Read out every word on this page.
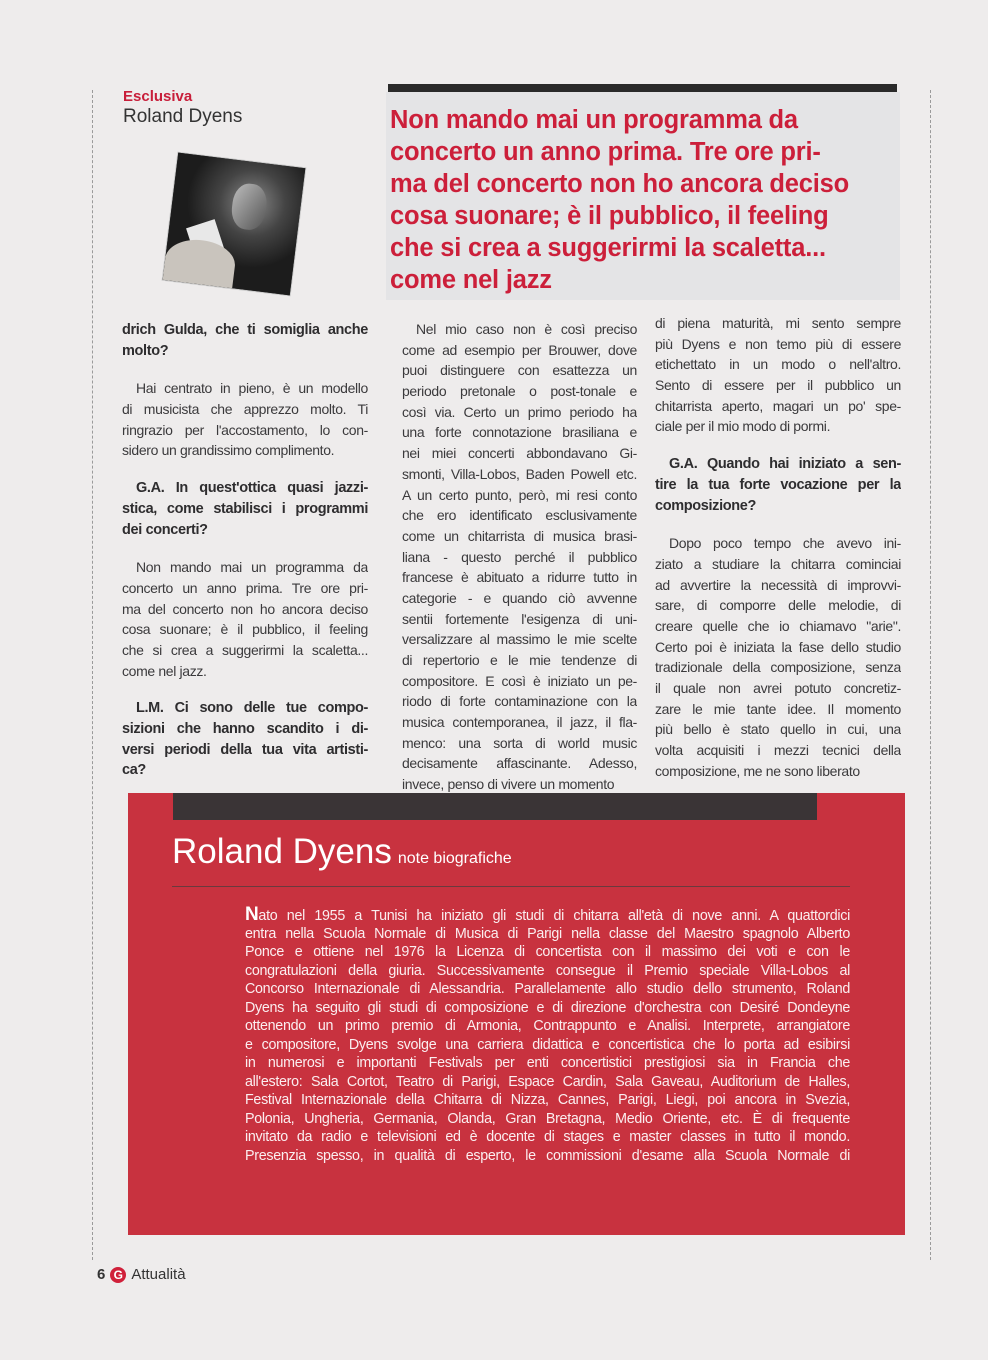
Esclusiva
Roland Dyens	Non mando mai un programma da
concerto un anno prima. Tre ore pri-
ma del concerto non ho ancora deciso
cosa suonare; è il pubblico, il feeling
che si crea a suggerirmi la scaletta...
come nel jazz
drich Gulda, che ti somiglia anche
molto?
Hai centrato in pieno, è un modello
di musicista che apprezzo molto. Ti
ringrazio per l'accostamento, lo con-
sidero un grandissimo complimento.
G.A. In quest'ottica quasi jazzi-
stica, come stabilisci i programmi
dei concerti?
Non mando mai un programma da
concerto un anno prima. Tre ore pri-
ma del concerto non ho ancora deciso
cosa suonare; è il pubblico, il feeling
che si crea a suggerirmi la scaletta...
come nel jazz.
L.M. Ci sono delle tue compo-
sizioni che hanno scandito i di-
versi periodi della tua vita artisti-
ca?
Nel mio caso non è così preciso
come ad esempio per Brouwer, dove
puoi distinguere con esattezza un
periodo pretonale o post-tonale e
così via. Certo un primo periodo ha
una forte connotazione brasiliana e
nei miei concerti abbondavano Gi-
smonti, Villa-Lobos, Baden Powell etc.
A un certo punto, però, mi resi conto
che ero identificato esclusivamente
come un chitarrista di musica brasi-
liana - questo perché il pubblico
francese è abituato a ridurre tutto in
categorie - e quando ciò avvenne
sentii fortemente l'esigenza di uni-
versalizzare al massimo le mie scelte
di repertorio e le mie tendenze di
compositore. E così è iniziato un pe-
riodo di forte contaminazione con la
musica contemporanea, il jazz, il fla-
menco: una sorta di world music
decisamente affascinante. Adesso,
invece, penso di vivere un momento
di piena maturità, mi sento sempre
più Dyens e non temo più di essere
etichettato in un modo o nell'altro.
Sento di essere per il pubblico un
chitarrista aperto, magari un po' spe-
ciale per il mio modo di pormi.
G.A. Quando hai iniziato a sen-
tire la tua forte vocazione per la
composizione?
Dopo poco tempo che avevo ini-
ziato a studiare la chitarra cominciai
ad avvertire la necessità di improvvi-
sare, di comporre delle melodie, di
creare quelle che io chiamavo "arie".
Certo poi è iniziata la fase dello studio
tradizionale della composizione, senza
il quale non avrei potuto concretiz-
zare le mie tante idee. Il momento
più bello è stato quello in cui, una
volta acquisiti i mezzi tecnici della
composizione, me ne sono liberato
Roland Dyens note biografiche
Nato nel 1955 a Tunisi ha iniziato gli studi di chitarra all'età di nove anni. A quattordici
entra nella Scuola Normale di Musica di Parigi nella classe del Maestro spagnolo Alberto
Ponce e ottiene nel 1976 la Licenza di concertista con il massimo dei voti e con le
congratulazioni della giuria. Successivamente consegue il Premio speciale Villa-Lobos al
Concorso Internazionale di Alessandria. Parallelamente allo studio dello strumento, Roland
Dyens ha seguito gli studi di composizione e di direzione d'orchestra con Desiré Dondeyne
ottenendo un primo premio di Armonia, Contrappunto e Analisi. Interprete, arrangiatore
e compositore, Dyens svolge una carriera didattica e concertistica che lo porta ad esibirsi
in numerosi e importanti Festivals per enti concertistici prestigiosi sia in Francia che
all'estero: Sala Cortot, Teatro di Parigi, Espace Cardin, Sala Gaveau, Auditorium de Halles,
Festival Internazionale della Chitarra di Nizza, Cannes, Parigi, Liegi, poi ancora in Svezia,
Polonia, Ungheria, Germania, Olanda, Gran Bretagna, Medio Oriente, etc. È di frequente
invitato da radio e televisioni ed è docente di stages e master classes in tutto il mondo.
Presenzia spesso, in qualità di esperto, le commissioni d'esame alla Scuola Normale di
6 G Attualità
